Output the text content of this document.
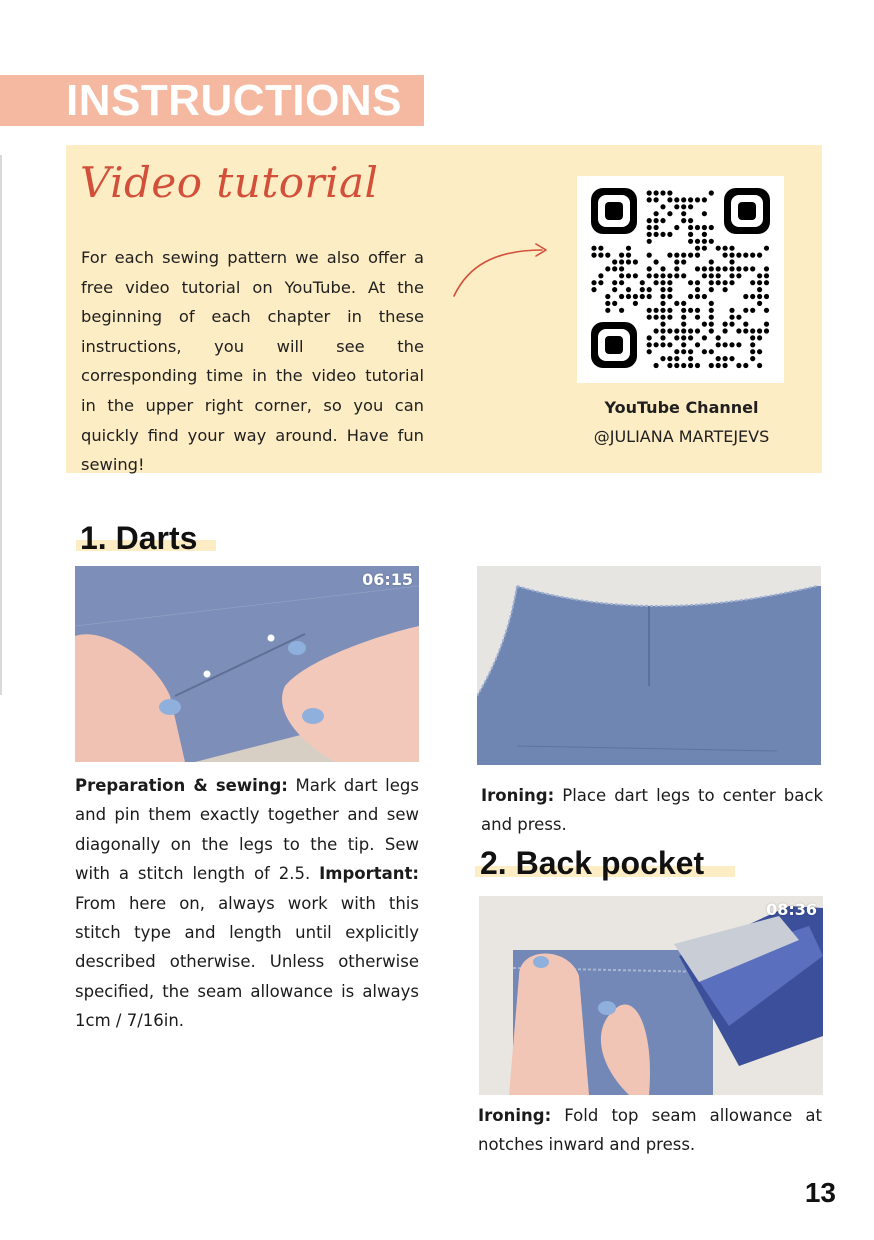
INSTRUCTIONS
Video tutorial
For each sewing pattern we also offer a free video tutorial on YouTube. At the beginning of each chapter in these instructions, you will see the corresponding time in the video tutorial in the upper right corner, so you can quickly find your way around. Have fun sewing!
YouTube Channel
@JULIANA MARTEJEVS
1. Darts
06:15
Preparation & sewing: Mark dart legs and pin them exactly together and sew diagonally on the legs to the tip. Sew with a stitch length of 2.5. Important: From here on, always work with this stitch type and length until explicitly described otherwise. Unless otherwise specified, the seam allowance is always 1cm / 7/16in.
Ironing: Place dart legs to center back and press.
2. Back pocket
08:36
Ironing: Fold top seam allowance at notches inward and press.
13
